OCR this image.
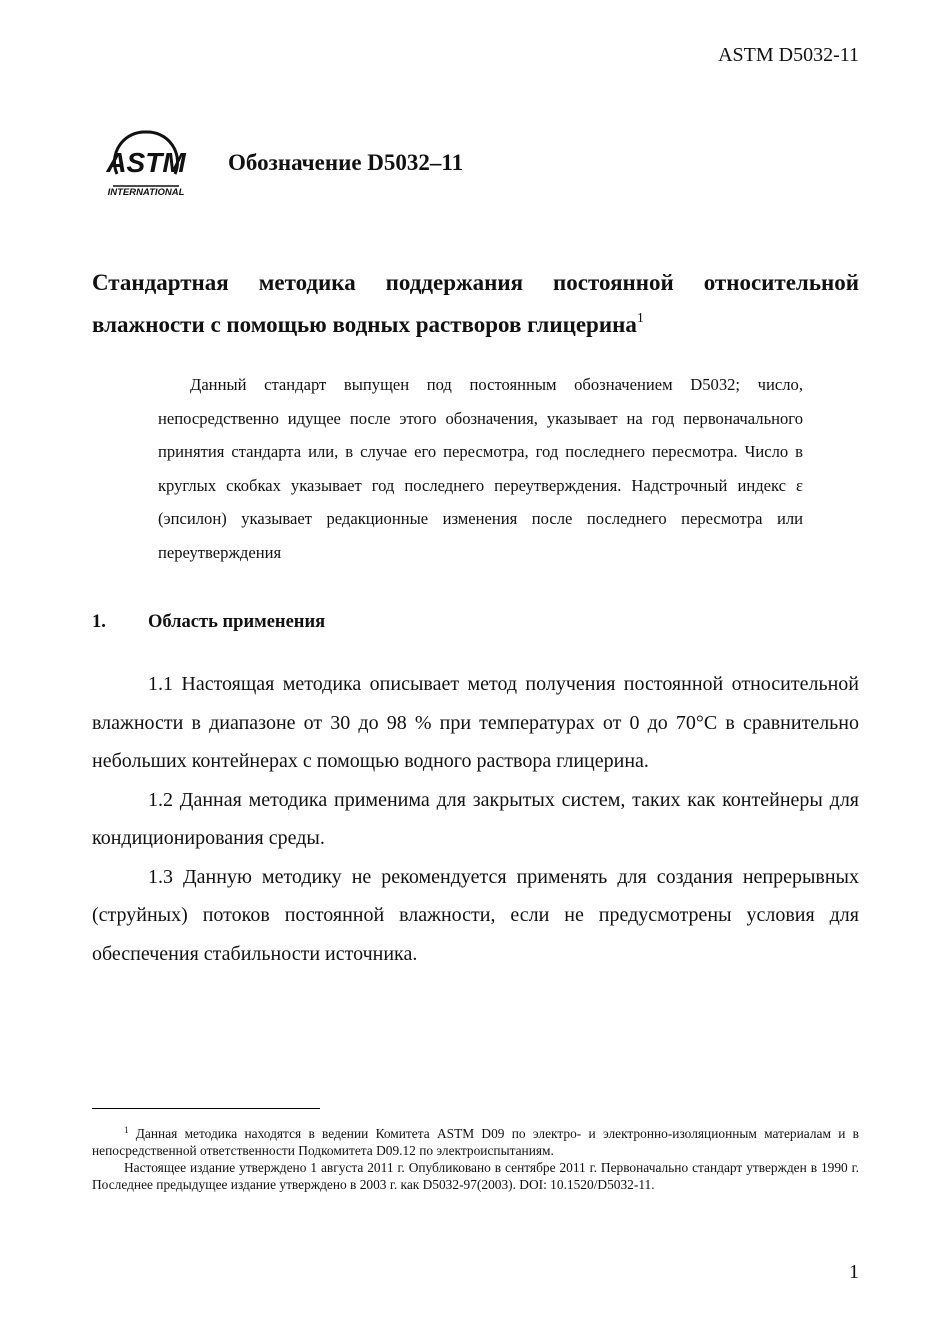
ASTM D5032-11
ASTM
INTERNATIONAL
Обозначение D5032–11
Стандартная методика поддержания постоянной относительной влажности с помощью водных растворов глицерина$^1$
Данный стандарт выпущен под постоянным обозначением D5032; число, непосредственно идущее после этого обозначения, указывает на год первоначального принятия стандарта или, в случае его пересмотра, год последнего пересмотра. Число в круглых скобках указывает год последнего переутверждения. Надстрочный индекс ε (эпсилон) указывает редакционные изменения после последнего пересмотра или переутверждения
1. Область применения

1.1 Настоящая методика описывает метод получения постоянной относительной влажности в диапазоне от 30 до 98 % при температурах от 0 до 70°C в сравнительно небольших контейнерах с помощью водного раствора глицерина.

1.2 Данная методика применима для закрытых систем, таких как контейнеры для кондиционирования среды.

1.3 Данную методику не рекомендуется применять для создания непрерывных (струйных) потоков постоянной влажности, если не предусмотрены условия для обеспечения стабильности источника.

$^1$ Данная методика находятся в ведении Комитета ASTM D09 по электро- и электронно-изоляционным материалам и в непосредственной ответственности Подкомитета D09.12 по электроиспытаниям.

Настоящее издание утверждено 1 августа 2011 г. Опубликовано в сентябре 2011 г. Первоначально стандарт утвержден в 1990 г. Последнее предыдущее издание утверждено в 2003 г. как D5032-97(2003). DOI: 10.1520/D5032-11.

1
